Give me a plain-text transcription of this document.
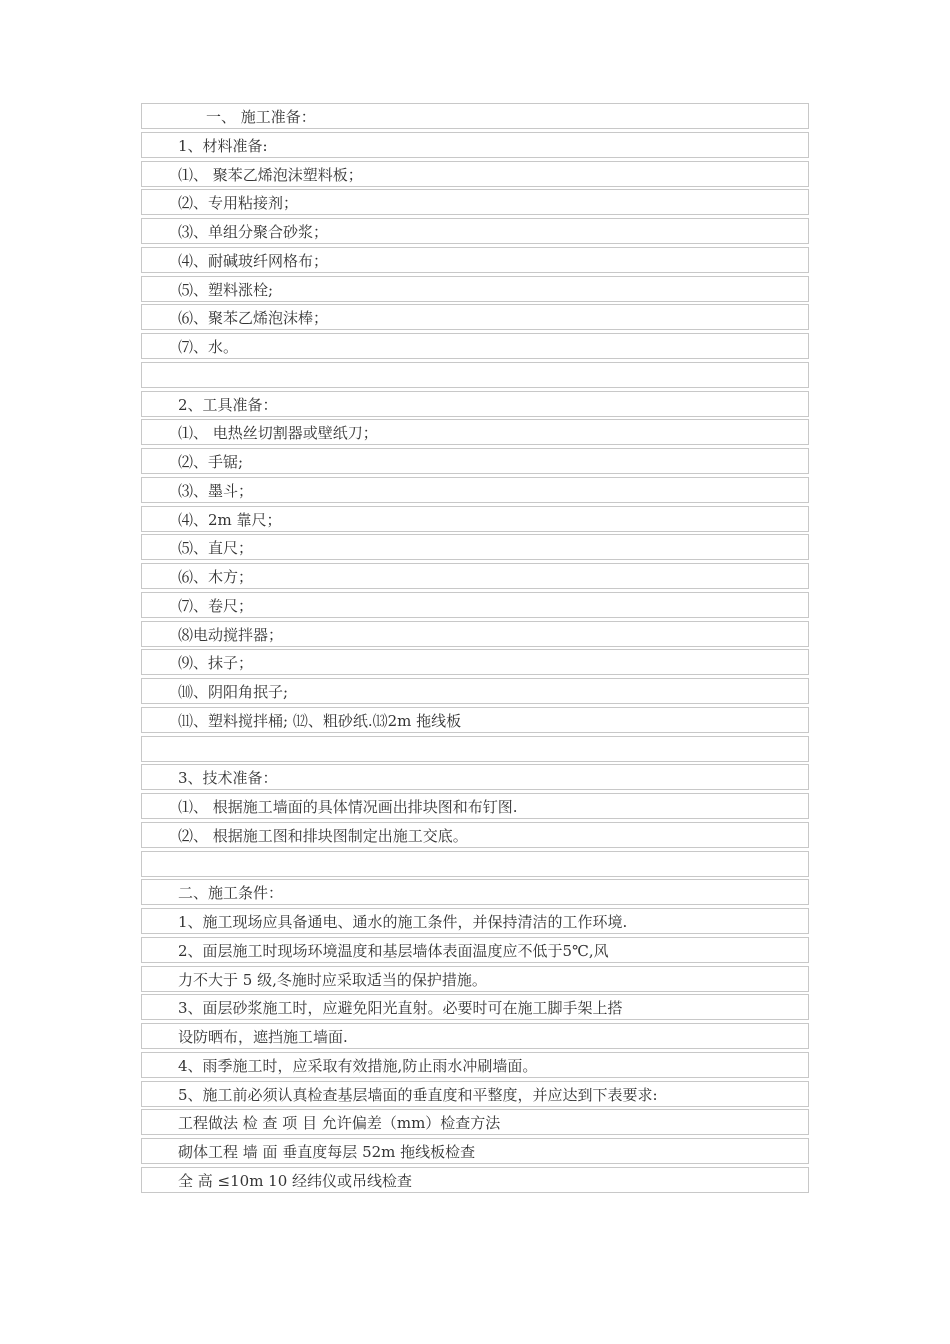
一、 施工准备：
1、材料准备:
⑴、 聚苯乙烯泡沫塑料板；
⑵、专用粘接剂；
⑶、单组分聚合砂浆；
⑷、耐碱玻纤网格布；
⑸、塑料涨栓;
⑹、聚苯乙烯泡沫棒；
⑺、水。
2、工具准备：
⑴、 电热丝切割器或壁纸刀；
⑵、手锯;
⑶、墨斗；
⑷、2m 靠尺；
⑸、直尺；
⑹、木方；
⑺、卷尺；
⑻电动搅拌器；
⑼、抹子；
⑽、阴阳角抿子;
⑾、塑料搅拌桶; ⑿、粗砂纸.⒀2m 拖线板
3、技术准备：
⑴、 根据施工墙面的具体情况画出排块图和布钉图.
⑵、 根据施工图和排块图制定出施工交底。
二、施工条件：
1、施工现场应具备通电、通水的施工条件，并保持清洁的工作环境.
2、面层施工时现场环境温度和基层墙体表面温度应不低于5℃,风
力不大于 5 级,冬施时应采取适当的保护措施。
3、面层砂浆施工时，应避免阳光直射。必要时可在施工脚手架上搭
设防晒布，遮挡施工墙面.
4、雨季施工时，应采取有效措施,防止雨水冲刷墙面。
5、施工前必须认真检查基层墙面的垂直度和平整度，并应达到下表要求:
工程做法 检 查 项 目 允许偏差（mm）检查方法
砌体工程 墙 面 垂直度每层 52m 拖线板检查
全 高 ≤10m 10 经纬仪或吊线检查
